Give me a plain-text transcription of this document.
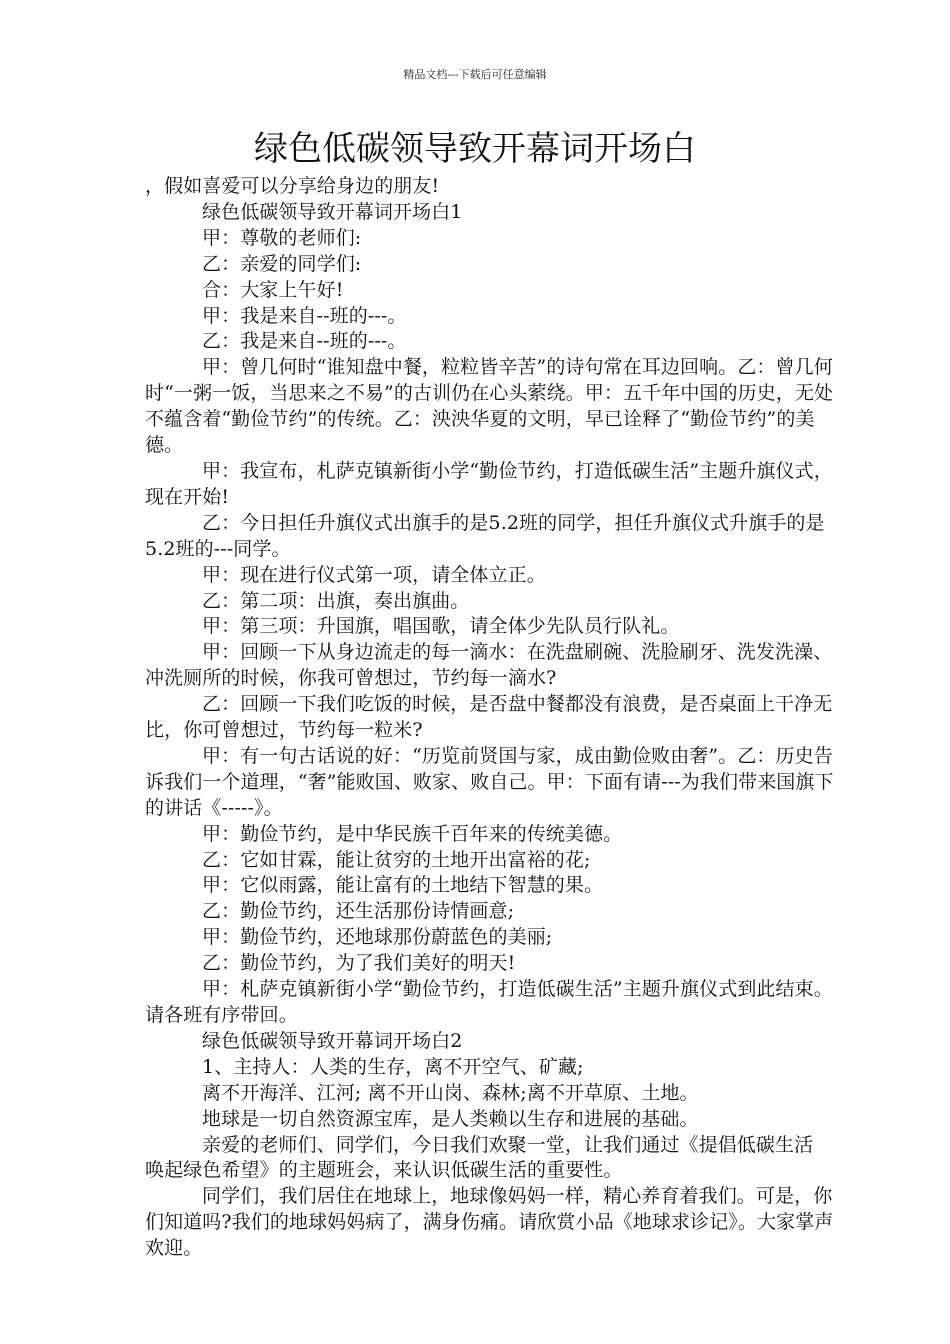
精品文档---下载后可任意编辑
绿色低碳领导致开幕词开场白

，假如喜爱可以分享给身边的朋友!

绿色低碳领导致开幕词开场白1

甲：尊敬的老师们:

乙：亲爱的同学们:

合：大家上午好!

甲：我是来自--班的---。

乙：我是来自--班的---。

甲：曾几何时“谁知盘中餐，粒粒皆辛苦”的诗句常在耳边回响。乙：曾几何时“一粥一饭，当思来之不易”的古训仍在心头萦绕。甲：五千年中国的历史，无处不蕴含着“勤俭节约”的传统。乙：泱泱华夏的文明，早已诠释了“勤俭节约”的美德。

甲：我宣布，札萨克镇新街小学“勤俭节约，打造低碳生活”主题升旗仪式，现在开始!

乙：今日担任升旗仪式出旗手的是5.2班的同学，担任升旗仪式升旗手的是5.2班的---同学。

甲：现在进行仪式第一项，请全体立正。

乙：第二项：出旗，奏出旗曲。

甲：第三项：升国旗，唱国歌，请全体少先队员行队礼。

甲：回顾一下从身边流走的每一滴水：在洗盘刷碗、洗脸刷牙、洗发洗澡、冲洗厕所的时候，你我可曾想过，节约每一滴水?

乙：回顾一下我们吃饭的时候，是否盘中餐都没有浪费，是否桌面上干净无比，你可曾想过，节约每一粒米?

甲：有一句古话说的好：“历览前贤国与家，成由勤俭败由奢”。乙：历史告诉我们一个道理，“奢”能败国、败家、败自己。甲：下面有请---为我们带来国旗下的讲话《-----》。

甲：勤俭节约，是中华民族千百年来的传统美德。

乙：它如甘霖，能让贫穷的土地开出富裕的花;

甲：它似雨露，能让富有的土地结下智慧的果。

乙：勤俭节约，还生活那份诗情画意;

甲：勤俭节约，还地球那份蔚蓝色的美丽;

乙：勤俭节约，为了我们美好的明天!

甲：札萨克镇新街小学“勤俭节约，打造低碳生活”主题升旗仪式到此结束。请各班有序带回。

绿色低碳领导致开幕词开场白2

1、主持人：人类的生存，离不开空气、矿藏;

离不开海洋、江河; 离不开山岗、森林;离不开草原、土地。

地球是一切自然资源宝库，是人类赖以生存和进展的基础。

亲爱的老师们、同学们，今日我们欢聚一堂，让我们通过《提倡低碳生活 唤起绿色希望》的主题班会，来认识低碳生活的重要性。

同学们，我们居住在地球上，地球像妈妈一样，精心养育着我们。可是，你们知道吗?我们的地球妈妈病了，满身伤痛。请欣赏小品《地球求诊记》。大家掌声欢迎。
